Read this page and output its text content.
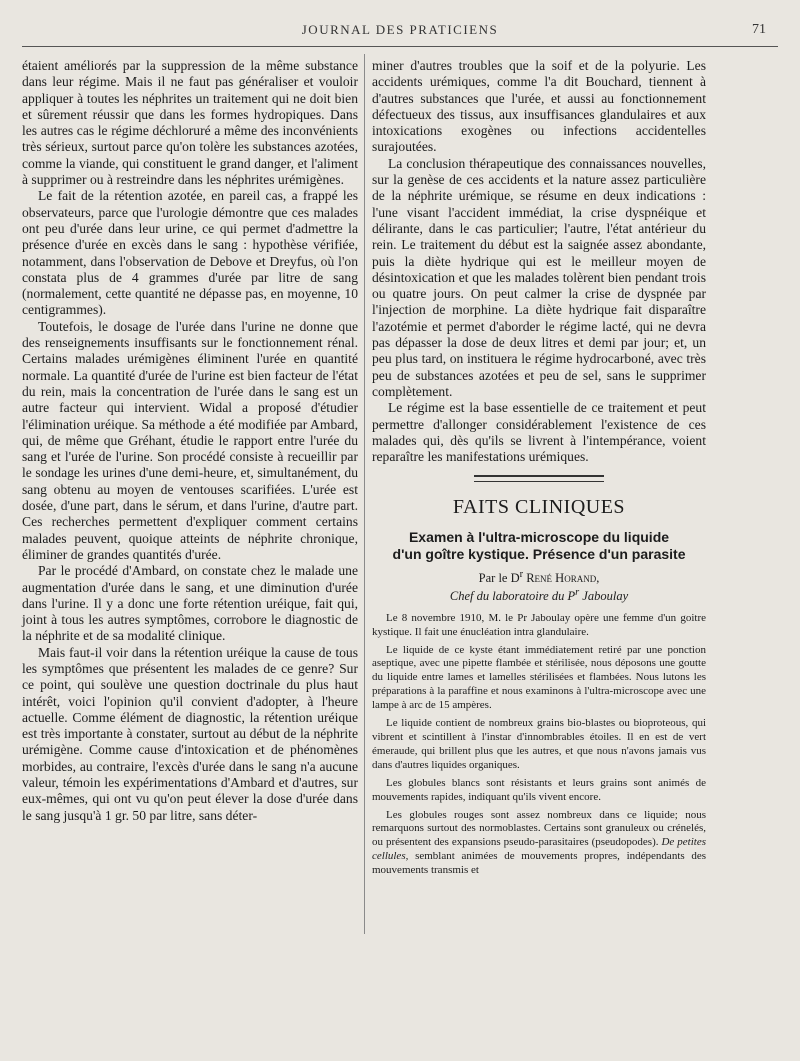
JOURNAL DES PRATICIENS	71

étaient améliorés par la suppression de la même substance dans leur régime. Mais il ne faut pas généraliser et vouloir appliquer à toutes les néphrites un traitement qui ne doit bien et sûrement réussir que dans les formes hydropiques. Dans les autres cas le régime déchloruré a même des inconvénients très sérieux, surtout parce qu'on tolère les substances azotées, comme la viande, qui constituent le grand danger, et l'aliment à supprimer ou à restreindre dans les néphrites urémigènes.

Le fait de la rétention azotée, en pareil cas, a frappé les observateurs, parce que l'urologie démontre que ces malades ont peu d'urée dans leur urine, ce qui permet d'admettre la présence d'urée en excès dans le sang : hypothèse vérifiée, notamment, dans l'observation de Debove et Dreyfus, où l'on constata plus de 4 grammes d'urée par litre de sang (normalement, cette quantité ne dépasse pas, en moyenne, 10 centigrammes).

Toutefois, le dosage de l'urée dans l'urine ne donne que des renseignements insuffisants sur le fonctionnement rénal. Certains malades urémigènes éliminent l'urée en quantité normale. La quantité d'urée de l'urine est bien facteur de l'état du rein, mais la concentration de l'urée dans le sang est un autre facteur qui intervient. Widal a proposé d'étudier l'élimination uréique. Sa méthode a été modifiée par Ambard, qui, de même que Gréhant, étudie le rapport entre l'urée du sang et l'urée de l'urine. Son procédé consiste à recueillir par le sondage les urines d'une demi-heure, et, simultanément, du sang obtenu au moyen de ventouses scarifiées. L'urée est dosée, d'une part, dans le sérum, et dans l'urine, d'autre part. Ces recherches permettent d'expliquer comment certains malades peuvent, quoique atteints de néphrite chronique, éliminer de grandes quantités d'urée.

Par le procédé d'Ambard, on constate chez le malade une augmentation d'urée dans le sang, et une diminution d'urée dans l'urine. Il y a donc une forte rétention uréique, fait qui, joint à tous les autres symptômes, corrobore le diagnostic de la néphrite et de sa modalité clinique.

Mais faut-il voir dans la rétention uréique la cause de tous les symptômes que présentent les malades de ce genre? Sur ce point, qui soulève une question doctrinale du plus haut intérêt, voici l'opinion qu'il convient d'adopter, à l'heure actuelle. Comme élément de diagnostic, la rétention uréique est très importante à constater, surtout au début de la néphrite urémigène. Comme cause d'intoxication et de phénomènes morbides, au contraire, l'excès d'urée dans le sang n'a aucune valeur, témoin les expérimentations d'Ambard et d'autres, sur eux-mêmes, qui ont vu qu'on peut élever la dose d'urée dans le sang jusqu'à 1 gr. 50 par litre, sans déter-

miner d'autres troubles que la soif et de la polyurie. Les accidents urémiques, comme l'a dit Bouchard, tiennent à d'autres substances que l'urée, et aussi au fonctionnement défectueux des tissus, aux insuffisances glandulaires et aux intoxications exogènes ou infections accidentelles surajoutées.

La conclusion thérapeutique des connaissances nouvelles, sur la genèse de ces accidents et la nature assez particulière de la néphrite urémique, se résume en deux indications : l'une visant l'accident immédiat, la crise dyspnéique et délirante, dans le cas particulier; l'autre, l'état antérieur du rein. Le traitement du début est la saignée assez abondante, puis la diète hydrique qui est le meilleur moyen de désintoxication et que les malades tolèrent bien pendant trois ou quatre jours. On peut calmer la crise de dyspnée par l'injection de morphine. La diète hydrique fait disparaître l'azotémie et permet d'aborder le régime lacté, qui ne devra pas dépasser la dose de deux litres et demi par jour; et, un peu plus tard, on instituera le régime hydrocarboné, avec très peu de substances azotées et peu de sel, sans le supprimer complètement.

Le régime est la base essentielle de ce traitement et peut permettre d'allonger considérablement l'existence de ces malades qui, dès qu'ils se livrent à l'intempérance, voient reparaître les manifestations urémiques.

FAITS CLINIQUES

Examen à l'ultra-microscope du liquide

d'un goître kystique. Présence d'un parasite

Par le $D^r$ René Horand,

Chef du laboratoire du $P^r$ Jaboulay

Le 8 novembre 1910, M. le Pr Jaboulay opère une femme d'un goitre kystique. Il fait une énucléation intra glandulaire.

Le liquide de ce kyste étant immédiatement retiré par une ponction aseptique, avec une pipette flambée et stérilisée, nous déposons une goutte du liquide entre lames et lamelles stérilisées et flambées. Nous lutons les préparations à la paraffine et nous examinons à l'ultra-microscope avec une lampe à arc de 15 ampères.

Le liquide contient de nombreux grains bio-blastes ou bioproteous, qui vibrent et scintillent à l'instar d'innombrables étoiles. Il en est de vert émeraude, qui brillent plus que les autres, et que nous n'avons jamais vus dans d'autres liquides organiques.

Les globules blancs sont résistants et leurs grains sont animés de mouvements rapides, indiquant qu'ils vivent encore.

Les globules rouges sont assez nombreux dans ce liquide; nous remarquons surtout des normoblastes. Certains sont granuleux ou crénelés, ou présentent des expansions pseudo-parasitaires (pseudopodes). De petites cellules, semblant animées de mouvements propres, indépendants des mouvements transmis et
